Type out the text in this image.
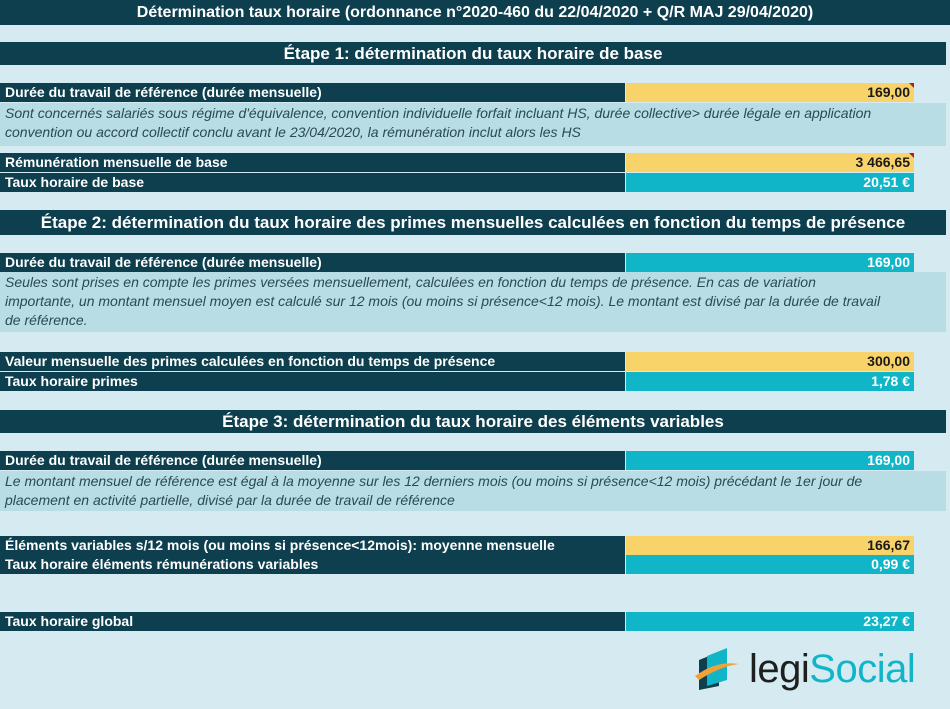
Détermination taux horaire (ordonnance n°2020-460 du 22/04/2020 + Q/R MAJ 29/04/2020)
Étape 1: détermination du taux horaire de base
Durée du travail de référence (durée mensuelle)	169,00
Sont concernés salariés sous régime d'équivalence, convention individuelle forfait incluant HS, durée collective> durée légale en application
convention ou accord collectif conclu avant le 23/04/2020, la rémunération inclut alors les HS
Rémunération mensuelle de base	3 466,65
Taux horaire de base	20,51 €
Étape 2: détermination du taux horaire des primes mensuelles calculées en fonction du temps de présence
Durée du travail de référence (durée mensuelle)	169,00
Seules sont prises en compte les primes versées mensuellement, calculées en fonction du temps de présence. En cas de variation
importante, un montant mensuel moyen est calculé sur 12 mois (ou moins si présence<12 mois). Le montant est divisé par la durée de travail
de référence.
Valeur mensuelle des primes calculées en fonction du temps de présence	300,00
Taux horaire primes	1,78 €
Étape 3: détermination du taux horaire des éléments variables
Durée du travail de référence (durée mensuelle)	169,00
Le montant mensuel de référence est égal à la moyenne sur les 12 derniers mois (ou moins si présence<12 mois) précédant le 1er jour de
placement en activité partielle, divisé par la durée de travail de référence
Éléments variables s/12 mois (ou moins si présence<12mois): moyenne mensuelle	166,67
Taux horaire éléments rémunérations variables	0,99 €
Taux horaire global	23,27 €
legiSocial
